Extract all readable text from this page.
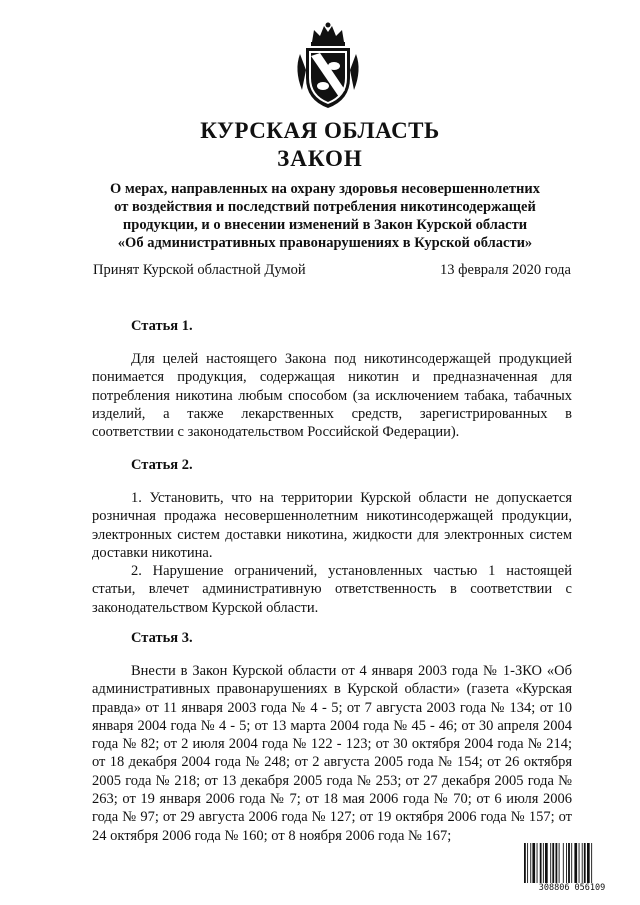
КУРСКАЯ ОБЛАСТЬ
ЗАКОН
О мерах, направленных на охрану здоровья несовершеннолетних
от воздействия и последствий потребления никотинсодержащей
продукции, и о внесении изменений в Закон Курской области
«Об административных правонарушениях в Курской области»
Принят Курской областной Думой	13 февраля 2020 года
Статья 1.

Для целей настоящего Закона под никотинсодержащей продукцией понимается продукция, содержащая никотин и предназначенная для потребления никотина любым способом (за исключением табака, табачных изделий, а также лекарственных средств, зарегистрированных в соответствии с законодательством Российской Федерации).

Статья 2.

1. Установить, что на территории Курской области не допускается розничная продажа несовершеннолетним никотинсодержащей продукции, электронных систем доставки никотина, жидкости для электронных систем доставки никотина.

2. Нарушение ограничений, установленных частью 1 настоящей статьи, влечет административную ответственность в соответствии с законодательством Курской области.

Статья 3.

Внести в Закон Курской области от 4 января 2003 года № 1-ЗКО «Об административных правонарушениях в Курской области» (газета «Курская правда» от 11 января 2003 года № 4 - 5; от 7 августа 2003 года № 134; от 10 января 2004 года № 4 - 5; от 13 марта 2004 года № 45 - 46; от 30 апреля 2004 года № 82; от 2 июля 2004 года № 122 - 123; от 30 октября 2004 года № 214; от 18 декабря 2004 года № 248; от 2 августа 2005 года № 154; от 26 октября 2005 года № 218; от 13 декабря 2005 года № 253; от 27 декабря 2005 года № 263; от 19 января 2006 года № 7; от 18 мая 2006 года № 70; от 6 июля 2006 года № 97; от 29 августа 2006 года № 127; от 19 октября 2006 года № 157; от 24 октября 2006 года № 160; от 8 ноября 2006 года № 167;

308806 056109
